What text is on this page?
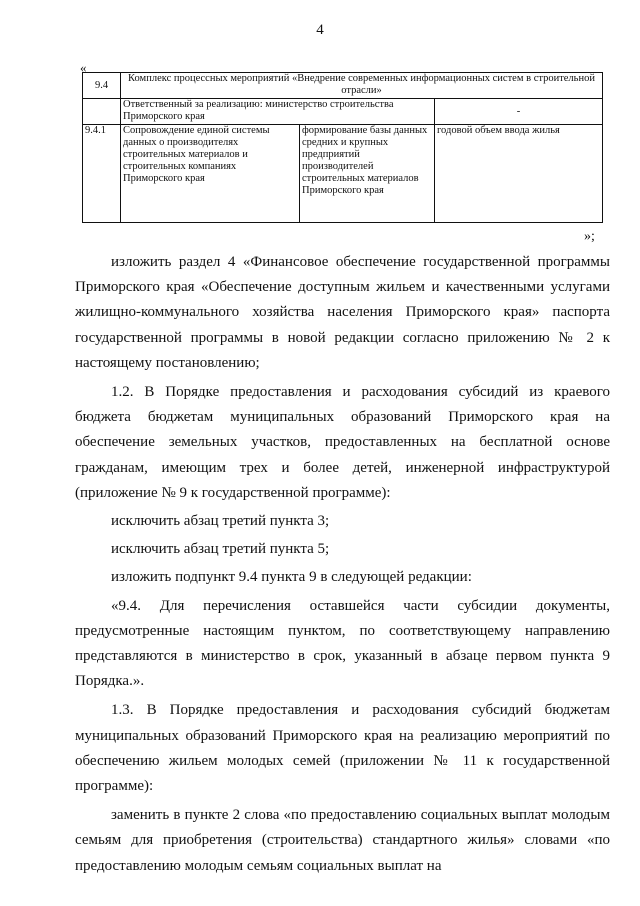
4
«
9.4	Комплекс процессных мероприятий «Внедрение современных информационных систем в строительной отрасли»		
	Ответственный за реализацию: министерство строительства Приморского края		-
9.4.1	Сопровождение единой системы данных о производителях строительных материалов и строительных компаниях Приморского края	формирование базы данных средних и крупных предприятий производителей строительных материалов Приморского края	годовой объем ввода жилья
»;

изложить раздел 4 «Финансовое обеспечение государственной программы Приморского края «Обеспечение доступным жильем и качественными услугами жилищно-коммунального хозяйства населения Приморского края» паспорта государственной программы в новой редакции согласно приложению № 2 к настоящему постановлению;

1.2. В Порядке предоставления и расходования субсидий из краевого бюджета бюджетам муниципальных образований Приморского края на обеспечение земельных участков, предоставленных на бесплатной основе гражданам, имеющим трех и более детей, инженерной инфраструктурой (приложение № 9 к государственной программе):

исключить абзац третий пункта 3;

исключить абзац третий пункта 5;

изложить подпункт 9.4 пункта 9 в следующей редакции:

«9.4. Для перечисления оставшейся части субсидии документы, предусмотренные настоящим пунктом, по соответствующему направлению представляются в министерство в срок, указанный в абзаце первом пункта 9 Порядка.».

1.3. В Порядке предоставления и расходования субсидий бюджетам муниципальных образований Приморского края на реализацию мероприятий по обеспечению жильем молодых семей (приложении № 11 к государственной программе):

заменить в пункте 2 слова «по предоставлению социальных выплат молодым семьям для приобретения (строительства) стандартного жилья» словами «по предоставлению молодым семьям социальных выплат на
